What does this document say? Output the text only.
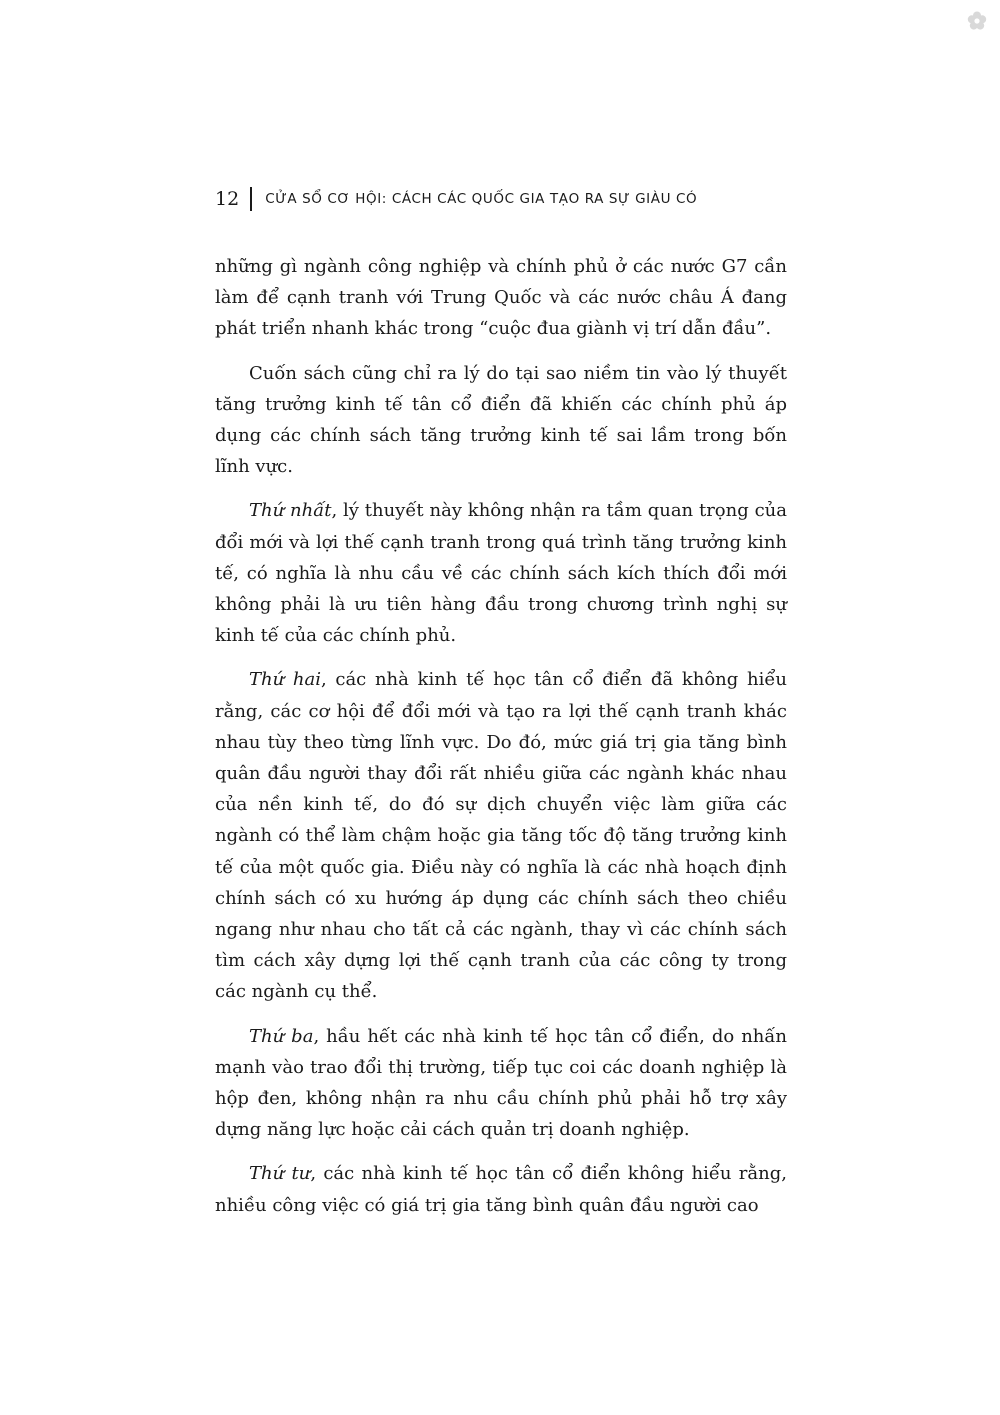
12 CỬA SỔ CƠ HỘI: CÁCH CÁC QUỐC GIA TẠO RA SỰ GIÀU CÓ

những gì ngành công nghiệp và chính phủ ở các nước G7 cần làm để cạnh tranh với Trung Quốc và các nước châu Á đang phát triển nhanh khác trong “cuộc đua giành vị trí dẫn đầu”.

Cuốn sách cũng chỉ ra lý do tại sao niềm tin vào lý thuyết tăng trưởng kinh tế tân cổ điển đã khiến các chính phủ áp dụng các chính sách tăng trưởng kinh tế sai lầm trong bốn lĩnh vực.

Thứ nhất, lý thuyết này không nhận ra tầm quan trọng của đổi mới và lợi thế cạnh tranh trong quá trình tăng trưởng kinh tế, có nghĩa là nhu cầu về các chính sách kích thích đổi mới không phải là ưu tiên hàng đầu trong chương trình nghị sự kinh tế của các chính phủ.

Thứ hai, các nhà kinh tế học tân cổ điển đã không hiểu rằng, các cơ hội để đổi mới và tạo ra lợi thế cạnh tranh khác nhau tùy theo từng lĩnh vực. Do đó, mức giá trị gia tăng bình quân đầu người thay đổi rất nhiều giữa các ngành khác nhau của nền kinh tế, do đó sự dịch chuyển việc làm giữa các ngành có thể làm chậm hoặc gia tăng tốc độ tăng trưởng kinh tế của một quốc gia. Điều này có nghĩa là các nhà hoạch định chính sách có xu hướng áp dụng các chính sách theo chiều ngang như nhau cho tất cả các ngành, thay vì các chính sách tìm cách xây dựng lợi thế cạnh tranh của các công ty trong các ngành cụ thể.

Thứ ba, hầu hết các nhà kinh tế học tân cổ điển, do nhấn mạnh vào trao đổi thị trường, tiếp tục coi các doanh nghiệp là hộp đen, không nhận ra nhu cầu chính phủ phải hỗ trợ xây dựng năng lực hoặc cải cách quản trị doanh nghiệp.

Thứ tư, các nhà kinh tế học tân cổ điển không hiểu rằng, nhiều công việc có giá trị gia tăng bình quân đầu người cao
